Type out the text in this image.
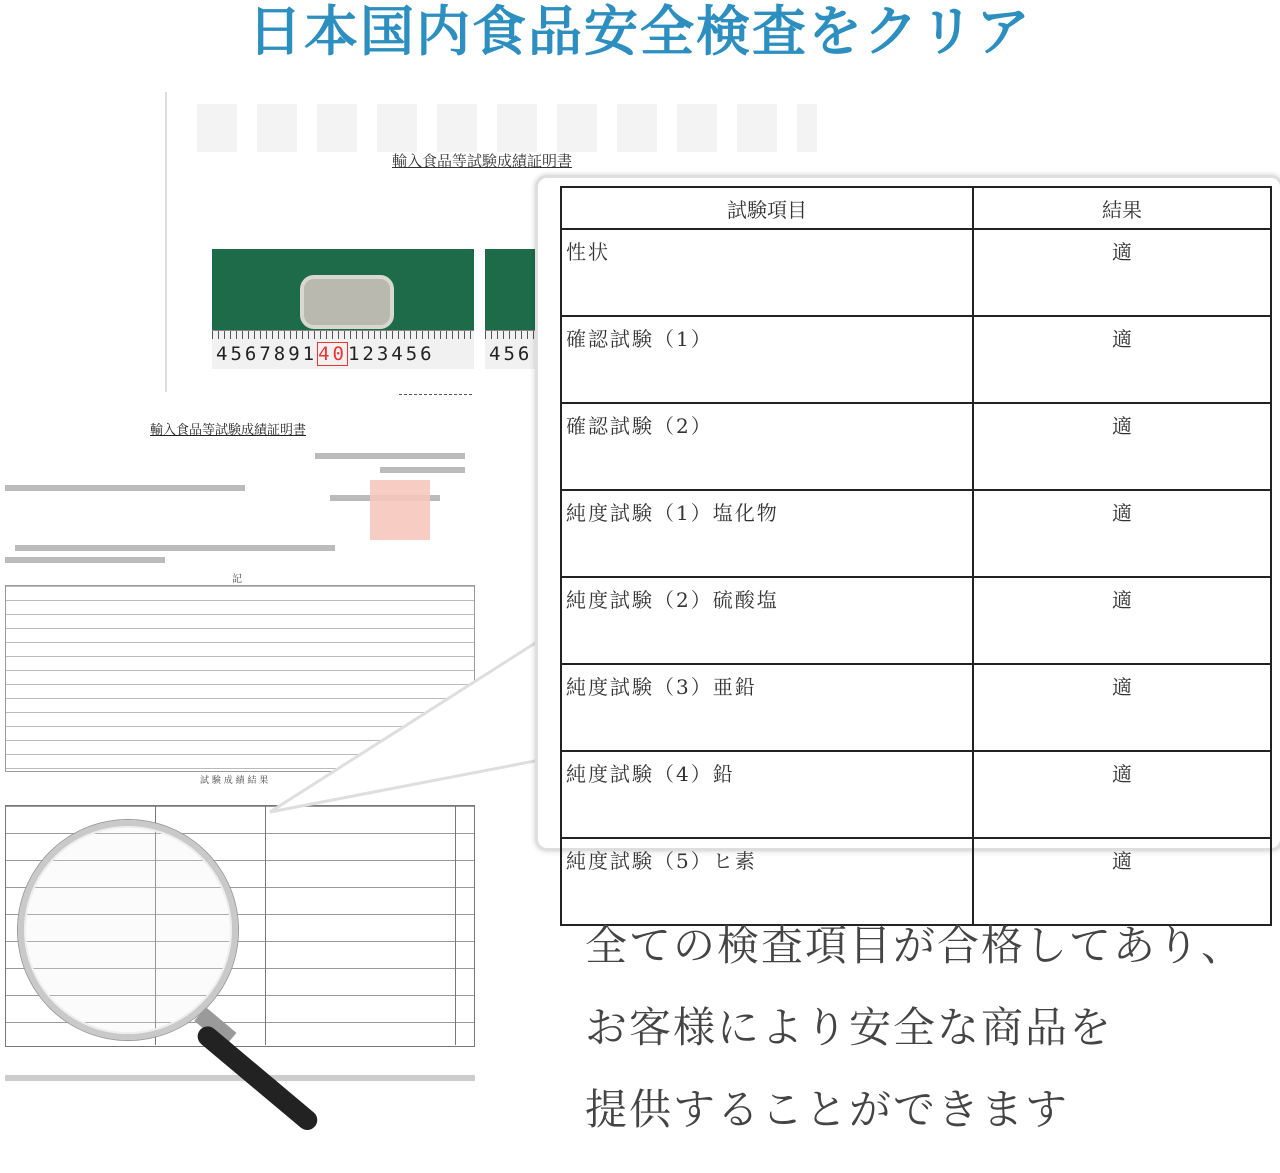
日本国内食品安全検査をクリア
輸入食品等試験成績証明書
456789140123456	456
輸入食品等試験成績証明書
記
試 験 成 績 結 果
試験項目	結果
性状	適
確認試験（1）	適
確認試験（2）	適
純度試験（1）塩化物	適
純度試験（2）硫酸塩	適
純度試験（3）亜鉛	適
純度試験（4）鉛	適
純度試験（5）ヒ素	適
全ての検査項目が合格してあり、
お客様により安全な商品を
提供することができます
